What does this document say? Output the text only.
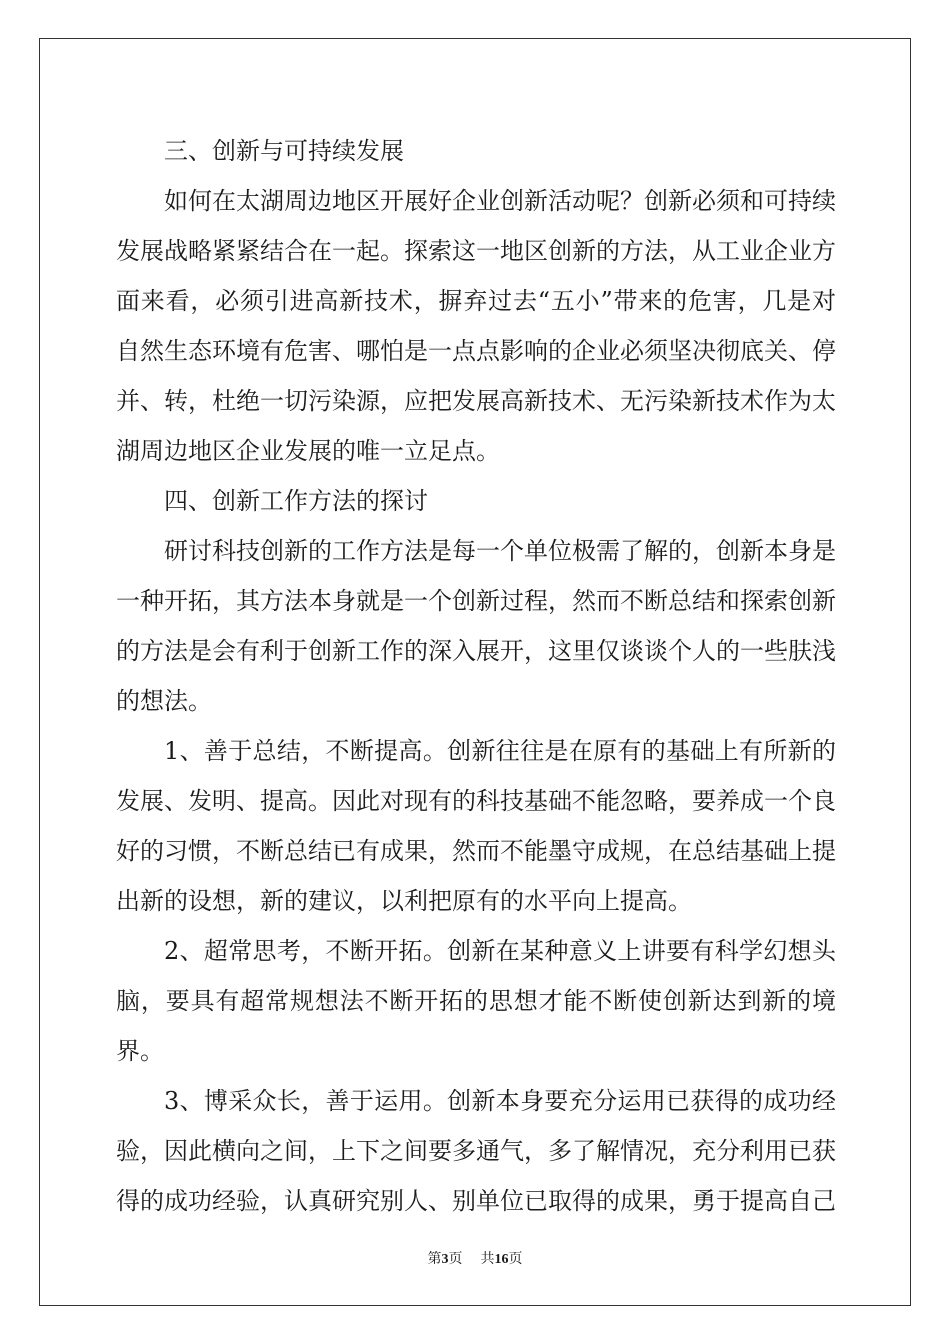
三、创新与可持续发展

如何在太湖周边地区开展好企业创新活动呢？创新必须和可持续发展战略紧紧结合在一起。探索这一地区创新的方法，从工业企业方面来看，必须引进高新技术，摒弃过去“五小”带来的危害，几是对自然生态环境有危害、哪怕是一点点影响的企业必须坚决彻底关、停并、转，杜绝一切污染源，应把发展高新技术、无污染新技术作为太湖周边地区企业发展的唯一立足点。

四、创新工作方法的探讨

研讨科技创新的工作方法是每一个单位极需了解的，创新本身是一种开拓，其方法本身就是一个创新过程，然而不断总结和探索创新的方法是会有利于创新工作的深入展开，这里仅谈谈个人的一些肤浅的想法。

1、善于总结，不断提高。创新往往是在原有的基础上有所新的发展、发明、提高。因此对现有的科技基础不能忽略，要养成一个良好的习惯，不断总结已有成果，然而不能墨守成规，在总结基础上提出新的设想，新的建议，以利把原有的水平向上提高。

2、超常思考，不断开拓。创新在某种意义上讲要有科学幻想头脑，要具有超常规想法不断开拓的思想才能不断使创新达到新的境界。

3、博采众长，善于运用。创新本身要充分运用已获得的成功经验，因此横向之间，上下之间要多通气，多了解情况，充分利用已获得的成功经验，认真研究别人、别单位已取得的成果，勇于提高自己

第3页 共16页
